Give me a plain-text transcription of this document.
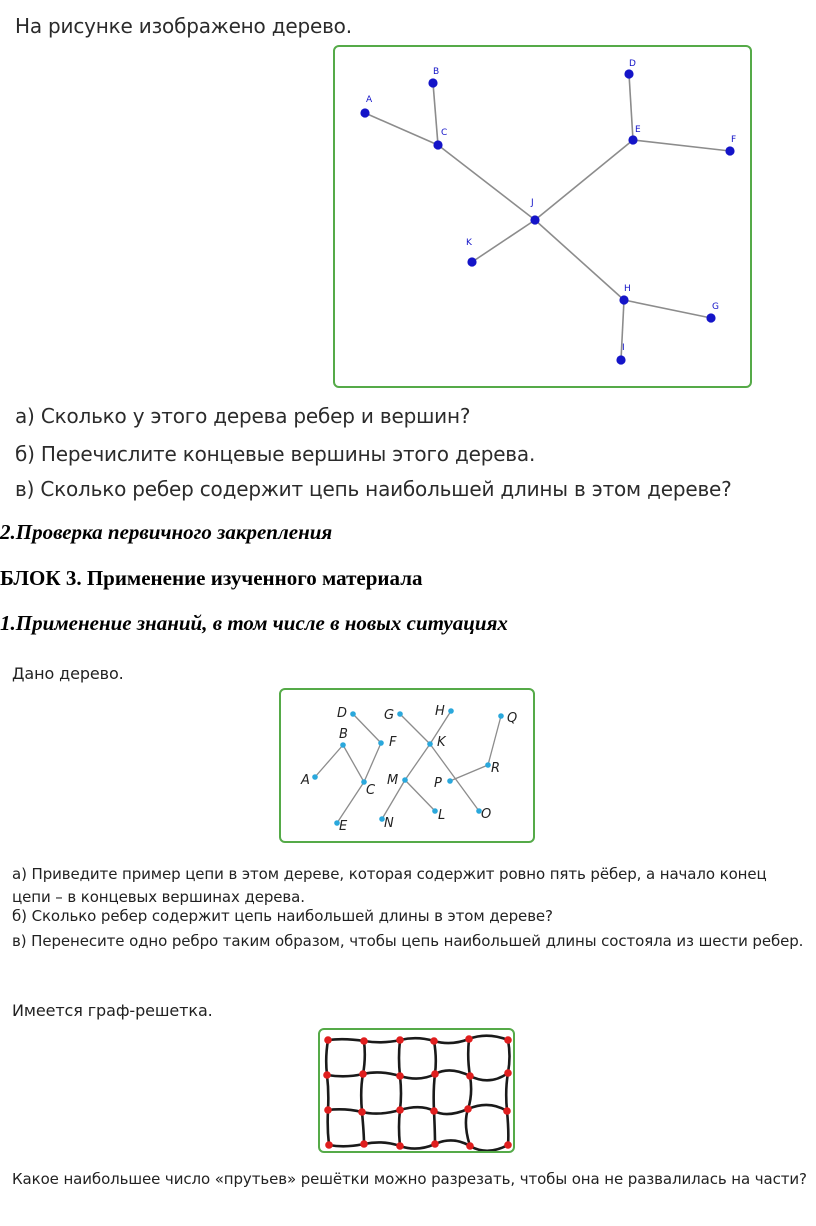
На рисунке изображено дерево.
A
B
C
D
E
F
J
K
H
G
I
а) Сколько у этого дерева ребер и вершин?
б) Перечислите концевые вершины этого дерева.
в) Сколько ребер содержит цепь наибольшей длины в этом дереве?
2.Проверка первичного закрепления
БЛОК 3. Применение изученного материала
1.Применение знаний, в том числе в новых ситуациях
Дано дерево.
D	G	H	Q
B
F	K
A
C
M	P
R
E	N
L	O
а) Приведите пример цепи в этом дереве, которая содержит ровно пять рёбер, а начало конец цепи – в концевых вершинах дерева.
б) Сколько ребер содержит цепь наибольшей длины в этом дереве?
в) Перенесите одно ребро таким образом, чтобы цепь наибольшей длины состояла из шести ребер.
Имеется граф-решетка.
Какое наибольшее число «прутьев» решётки можно разрезать, чтобы она не развалилась на части?
